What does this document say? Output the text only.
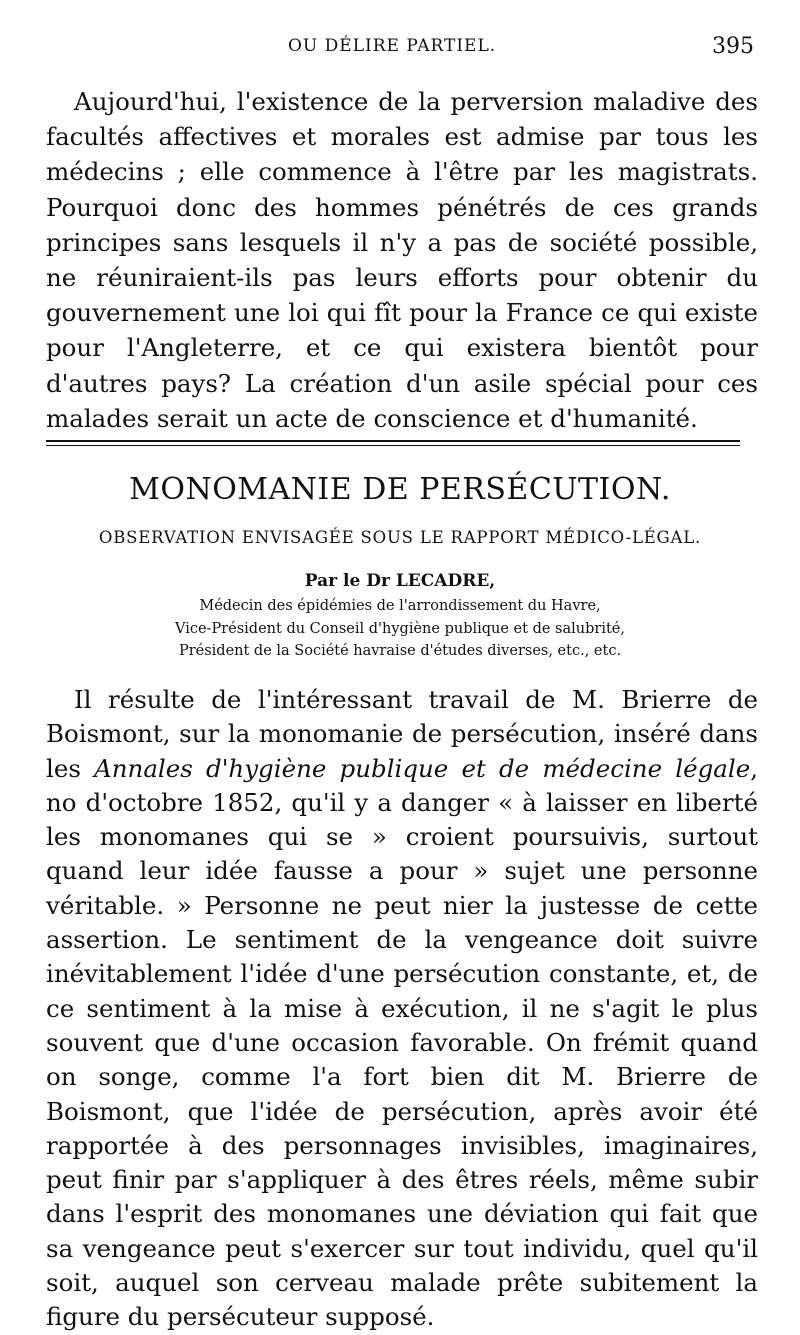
OU DÉLIRE PARTIEL.	395

Aujourd'hui, l'existence de la perversion maladive des facultés affectives et morales est admise par tous les médecins ; elle commence à l'être par les magistrats. Pourquoi donc des hommes pénétrés de ces grands principes sans lesquels il n'y a pas de société possible, ne réuniraient-ils pas leurs efforts pour obtenir du gouvernement une loi qui fît pour la France ce qui existe pour l'Angleterre, et ce qui existera bientôt pour d'autres pays? La création d'un asile spécial pour ces malades serait un acte de conscience et d'humanité.

MONOMANIE DE PERSÉCUTION.

OBSERVATION ENVISAGÉE SOUS LE RAPPORT MÉDICO-LÉGAL.

Par le Dr LECADRE,

Médecin des épidémies de l'arrondissement du Havre,

Vice-Président du Conseil d'hygiène publique et de salubrité,

Président de la Société havraise d'études diverses, etc., etc.

Il résulte de l'intéressant travail de M. Brierre de Boismont, sur la monomanie de persécution, inséré dans les Annales d'hygiène publique et de médecine légale, no d'octobre 1852, qu'il y a danger « à laisser en liberté les monomanes qui se » croient poursuivis, surtout quand leur idée fausse a pour » sujet une personne véritable. » Personne ne peut nier la justesse de cette assertion. Le sentiment de la vengeance doit suivre inévitablement l'idée d'une persécution constante, et, de ce sentiment à la mise à exécution, il ne s'agit le plus souvent que d'une occasion favorable. On frémit quand on songe, comme l'a fort bien dit M. Brierre de Boismont, que l'idée de persécution, après avoir été rapportée à des personnages invisibles, imaginaires, peut finir par s'appliquer à des êtres réels, même subir dans l'esprit des monomanes une déviation qui fait que sa vengeance peut s'exercer sur tout individu, quel qu'il soit, auquel son cerveau malade prête subitement la figure du persécuteur supposé.
